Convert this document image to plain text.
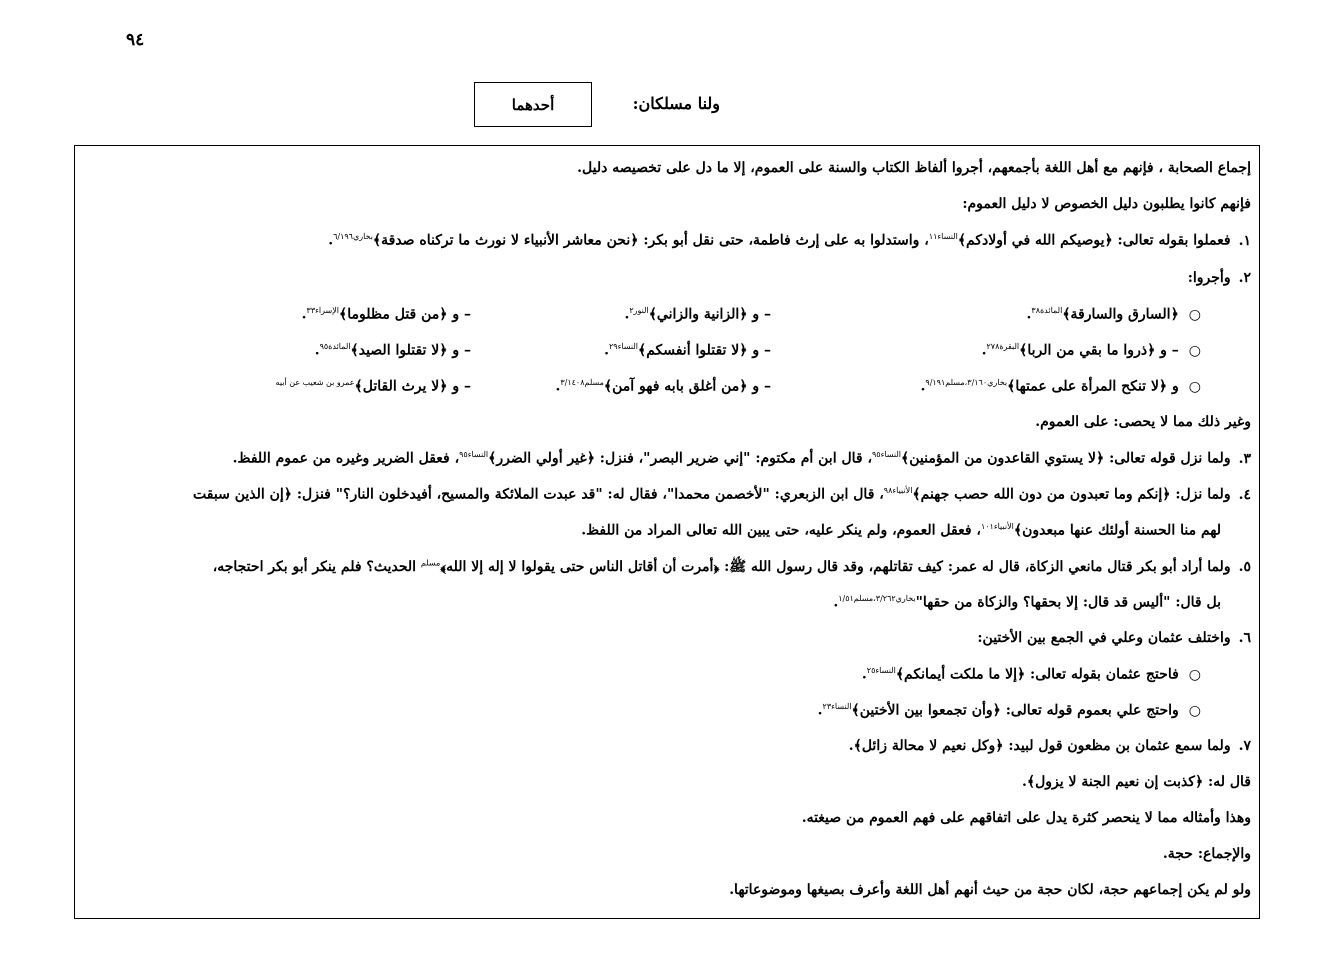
٩٤
ولنا مسلكان:
أحدهما
إجماع الصحابة ، فإنهم مع أهل اللغة بأجمعهم، أجروا ألفاظ الكتاب والسنة على العموم، إلا ما دل على تخصيصه دليل.
فإنهم كانوا يطلبون دليل الخصوص لا دليل العموم:
١.فعملوا بقوله تعالى: ﴿يوصيكم الله في أولادكم﴾$^{النساء١١}$، واستدلوا به على إرث فاطمة، حتى نقل أبو بكر: ﴿نحن معاشر الأنبياء لا نورث ما تركناه صدقة﴾$^{بخاري٦/١٩٦}$.
٢.وأجروا:
○﴿السارق والسارقة﴾$^{المائدة٣٨}$.
– و ﴿الزانية والزاني﴾$^{النور٢}$.
– و ﴿من قتل مظلوما﴾$^{الإسراء٣٣}$.
○– و ﴿ذروا ما بقي من الربا﴾$^{البقرة٢٧٨}$.
– و ﴿لا تقتلوا أنفسكم﴾$^{النساء٢٩}$.
– و ﴿لا تقتلوا الصيد﴾$^{المائدة٩٥}$.
○و ﴿لا تنكح المرأة على عمتها﴾$^{بخاري٣/١٦٠،مسلم٩/١٩١}$.
– و ﴿من أغلق بابه فهو آمن﴾$^{مسلم٣/١٤٠٨}$.
– و ﴿لا يرث القاتل﴾$^{عمرو بن شعيب عن أبيه}$
وغير ذلك مما لا يحصى: على العموم.
٣.ولما نزل قوله تعالى: ﴿لا يستوي القاعدون من المؤمنين﴾$^{النساء٩٥}$، قال ابن أم مكتوم: "إني ضرير البصر"، فنزل: ﴿غير أولي الضرر﴾$^{النساء٩٥}$، فعقل الضرير وغيره من عموم اللفظ.
٤.ولما نزل: ﴿إنكم وما تعبدون من دون الله حصب جهنم﴾$^{الأنبياء٩٨}$، قال ابن الزبعري: "لأخصمن محمدا"، فقال له: "قد عبدت الملائكة والمسيح، أفيدخلون النار؟" فنزل: ﴿إن الذين سبقت
لهم منا الحسنة أولئك عنها مبعدون﴾$^{الأنبياء١٠١}$، فعقل العموم، ولم ينكر عليه، حتى يبين الله تعالى المراد من اللفظ.
٥.ولما أراد أبو بكر قتال مانعي الزكاة، قال له عمر: كيف تقاتلهم، وقد قال رسول الله ﷺ: ﴿أمرت أن أقاتل الناس حتى يقولوا لا إله إلا الله﴾$^{مسلم}$ الحديث؟ فلم ينكر أبو بكر احتجاجه،
بل قال: "أليس قد قال: إلا بحقها؟ والزكاة من حقها"$^{بخاري٣/٢٦٢،مسلم١/٥١}$.
٦.واختلف عثمان وعلي في الجمع بين الأختين:
○فاحتج عثمان بقوله تعالى: ﴿إلا ما ملكت أيمانكم﴾$^{النساء٢٥}$.
○واحتج علي بعموم قوله تعالى: ﴿وأن تجمعوا بين الأختين﴾$^{النساء٢٣}$.
٧.ولما سمع عثمان بن مظعون قول لبيد: ﴿وكل نعيم لا محالة زائل﴾.
قال له: ﴿كذبت إن نعيم الجنة لا يزول﴾.
وهذا وأمثاله مما لا ينحصر كثرة يدل على اتفاقهم على فهم العموم من صيغته.
والإجماع: حجة.
ولو لم يكن إجماعهم حجة، لكان حجة من حيث أنهم أهل اللغة وأعرف بصيغها وموضوعاتها.
